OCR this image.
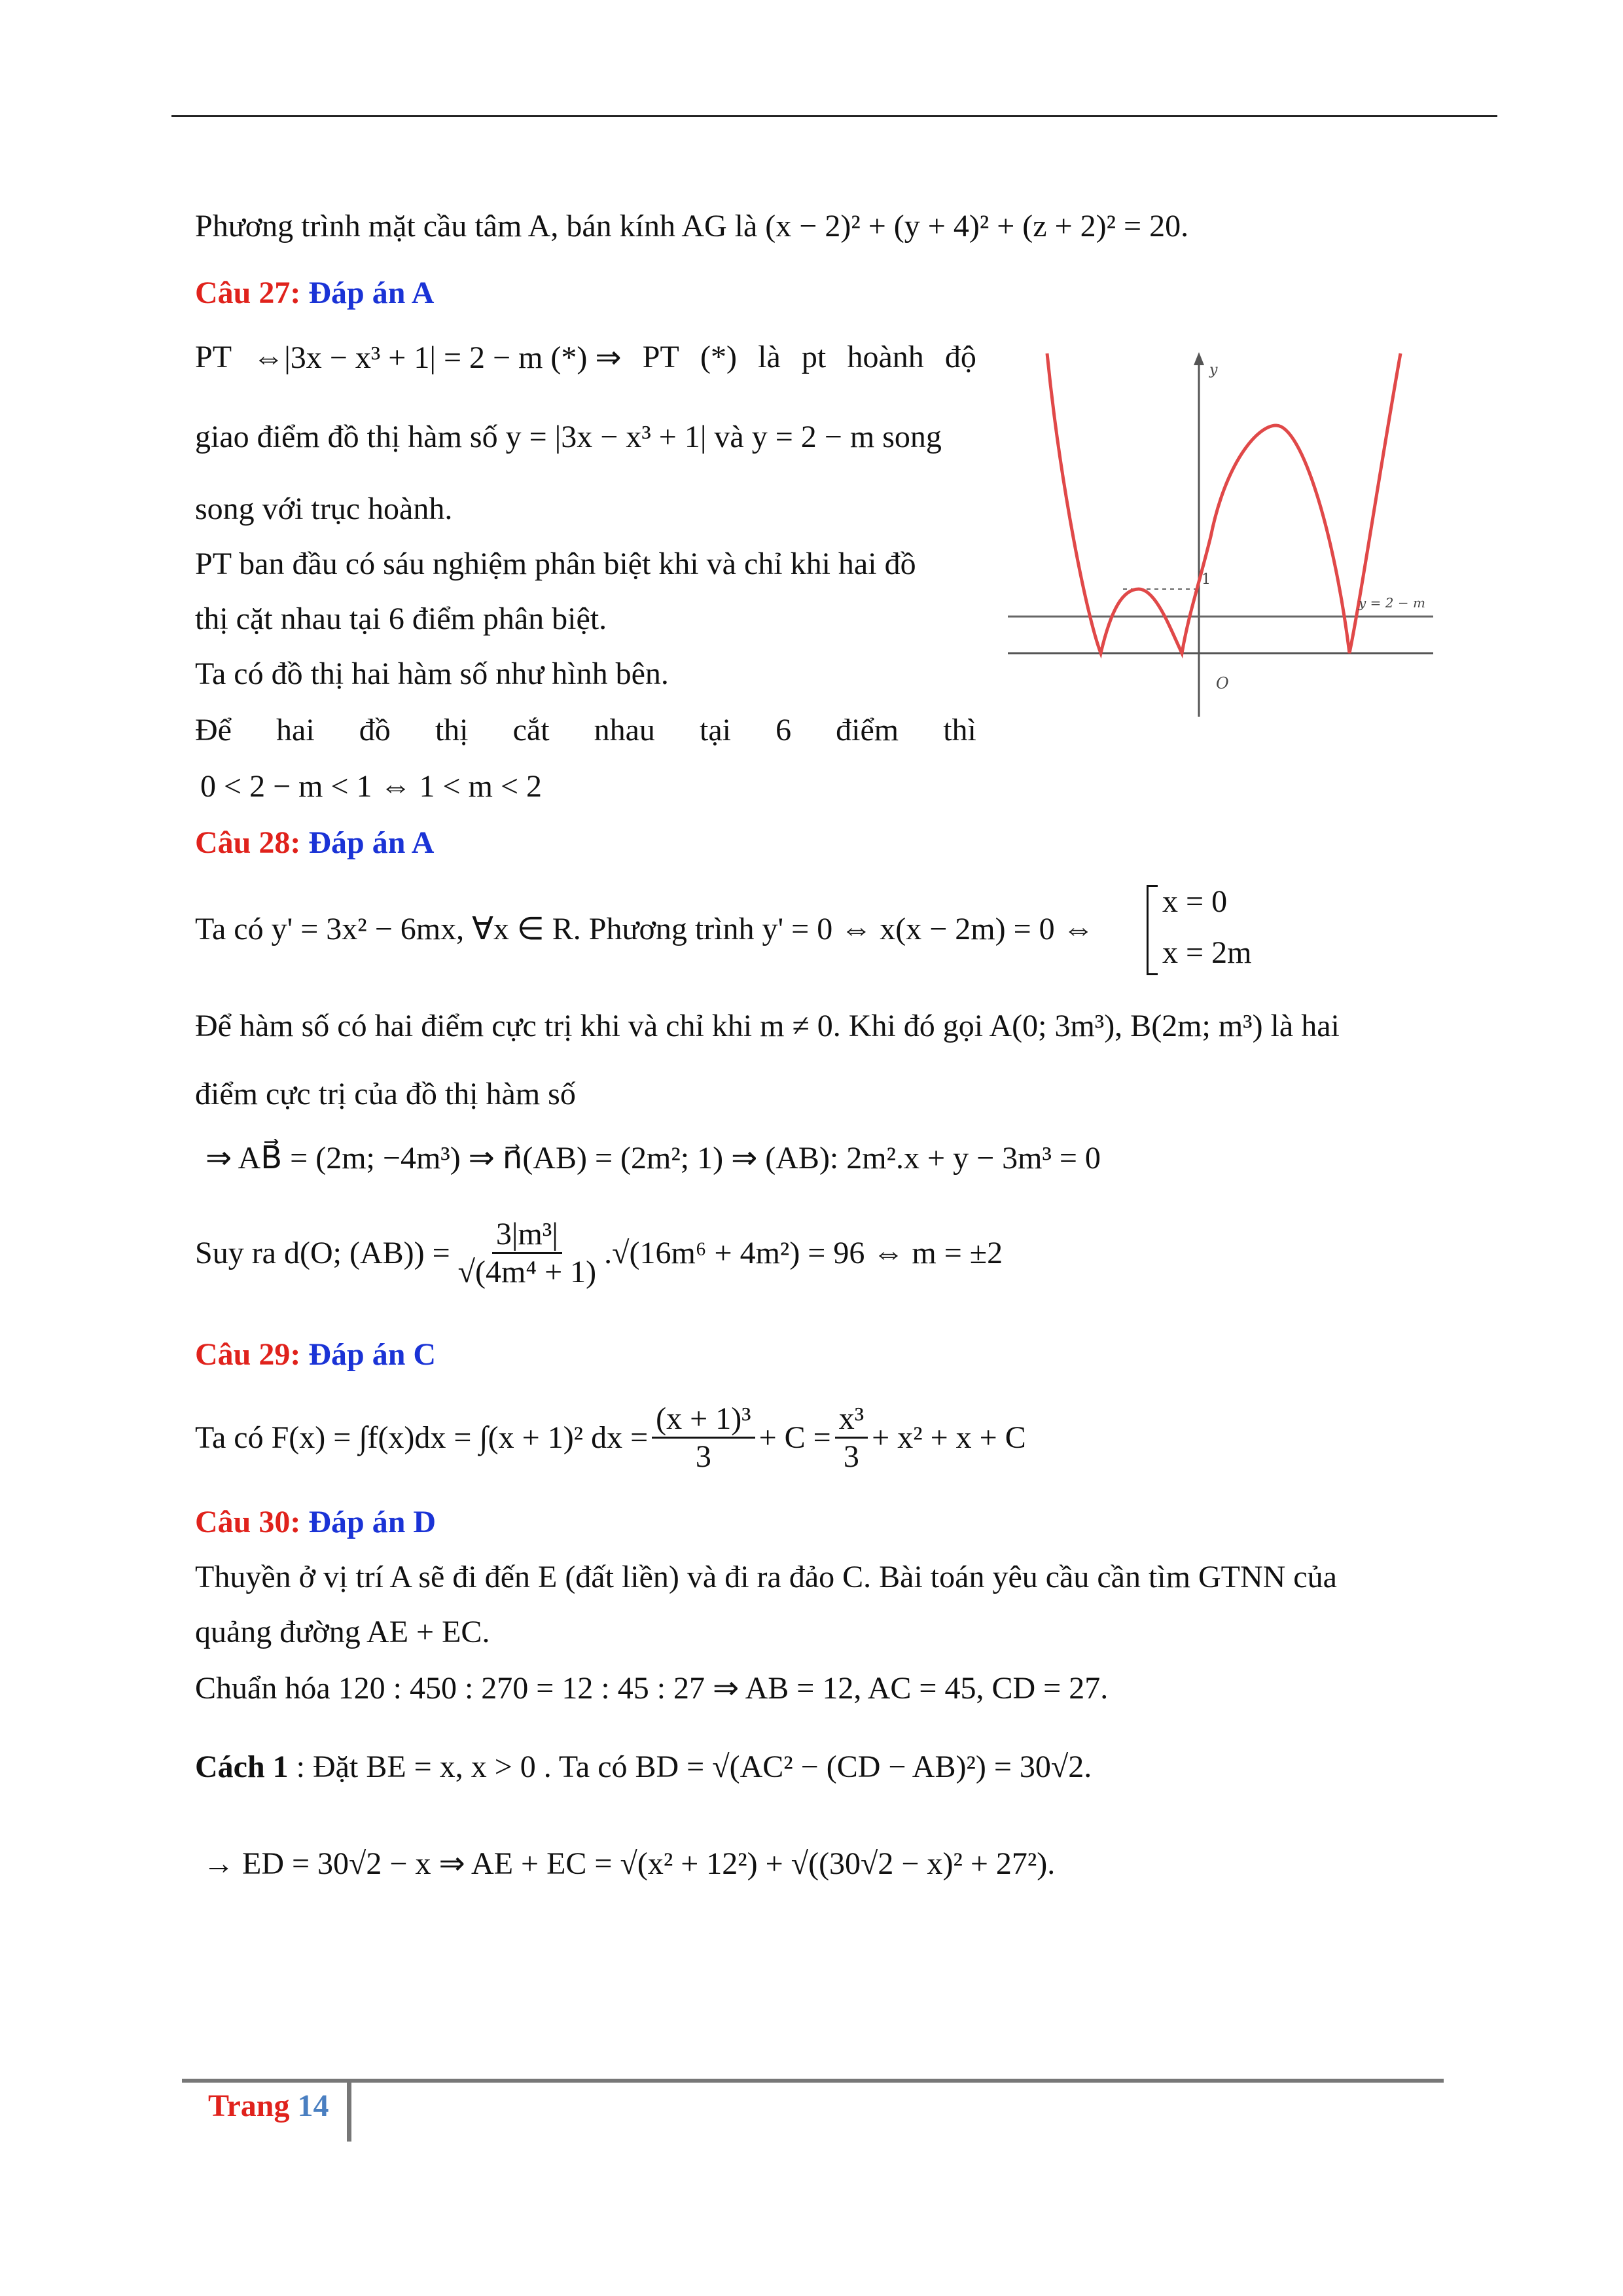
Phương trình mặt cầu tâm A, bán kính AG là (x − 2)² + (y + 4)² + (z + 2)² = 20.
Câu 27: Đáp án A
PT ⇔|3x − x³ + 1| = 2 − m (*) ⇒ PT (*) là pt hoành độ
giao điểm đồ thị hàm số y = |3x − x³ + 1| và y = 2 − m song
song với trục hoành.
PT ban đầu có sáu nghiệm phân biệt khi và chỉ khi hai đồ
thị cặt nhau tại 6 điểm phân biệt.
Ta có đồ thị hai hàm số như hình bên.
Để hai đồ thị cắt nhau tại 6 điểm thì
0 < 2 − m < 1 ⇔ 1 < m < 2
y
1
O
y = 2 − m
Câu 28: Đáp án A
Ta có y' = 3x² − 6mx, ∀x ∈ R. Phương trình y' = 0 ⇔ x(x − 2m) = 0 ⇔
x = 0
x = 2m
Để hàm số có hai điểm cực trị khi và chỉ khi m ≠ 0. Khi đó gọi A(0; 3m³), B(2m; m³) là hai
điểm cực trị của đồ thị hàm số
⇒ AB⃗ = (2m; −4m³) ⇒ n⃗(AB) = (2m²; 1) ⇒ (AB): 2m².x + y − 3m³ = 0
Suy ra d(O; $(AB)) = \frac{\text{3|m³|}}{\text{√(4m⁴ + 1)}} .√(16m^6 + 4m^2) = 96$ ⇔ m = ±2
Câu 29: Đáp án C
Ta có F(x) = ∫f(x)dx = ∫(x + 1)² dx = $\frac{\text{(x + 1)³}}{3} + C = \frac{\text{x³}}{3} + x^2 + x + C$
Câu 30: Đáp án D
Thuyền ở vị trí A sẽ đi đến E (đất liền) và đi ra đảo C. Bài toán yêu cầu cần tìm GTNN của
quảng đường AE + EC.
Chuẩn hóa 120 : 450 : 270 = 12 : 45 : 27 ⇒ AB = 12, AC = 45, CD = 27.
Cách 1 : Đặt BE = x, x > 0 . Ta có BD = √(AC² − (CD − AB)²) = 30√2.
→ ED = 30√2 − x ⇒ AE + EC = √(x² + 12²) + √((30√2 − x)² + 27²).
Trang 14
